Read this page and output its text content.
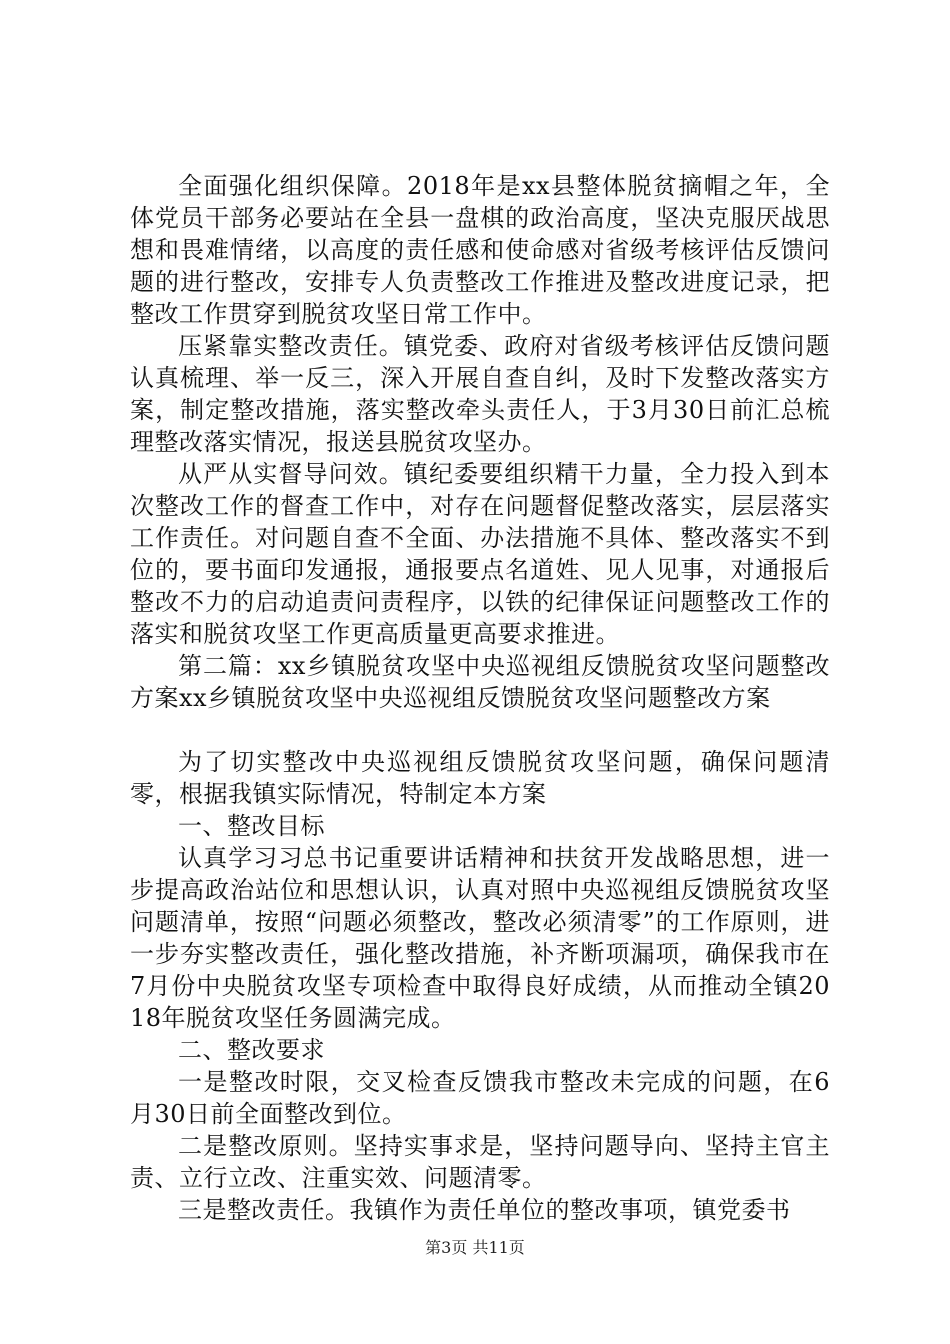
全面强化组织保障。2018年是xx县整体脱贫摘帽之年，全体党员干部务必要站在全县一盘棋的政治高度，坚决克服厌战思想和畏难情绪，以高度的责任感和使命感对省级考核评估反馈问题的进行整改，安排专人负责整改工作推进及整改进度记录，把整改工作贯穿到脱贫攻坚日常工作中。

压紧靠实整改责任。镇党委、政府对省级考核评估反馈问题认真梳理、举一反三，深入开展自查自纠，及时下发整改落实方案，制定整改措施，落实整改牵头责任人，于3月30日前汇总梳理整改落实情况，报送县脱贫攻坚办。

从严从实督导问效。镇纪委要组织精干力量，全力投入到本次整改工作的督查工作中，对存在问题督促整改落实，层层落实工作责任。对问题自查不全面、办法措施不具体、整改落实不到位的，要书面印发通报，通报要点名道姓、见人见事，对通报后整改不力的启动追责问责程序，以铁的纪律保证问题整改工作的落实和脱贫攻坚工作更高质量更高要求推进。

第二篇：xx乡镇脱贫攻坚中央巡视组反馈脱贫攻坚问题整改方案xx乡镇脱贫攻坚中央巡视组反馈脱贫攻坚问题整改方案

为了切实整改中央巡视组反馈脱贫攻坚问题，确保问题清零，根据我镇实际情况，特制定本方案

一、整改目标

认真学习习总书记重要讲话精神和扶贫开发战略思想，进一步提高政治站位和思想认识，认真对照中央巡视组反馈脱贫攻坚问题清单，按照“问题必须整改，整改必须清零”的工作原则，进一步夯实整改责任，强化整改措施，补齐断项漏项，确保我市在7月份中央脱贫攻坚专项检查中取得良好成绩，从而推动全镇2018年脱贫攻坚任务圆满完成。

二、整改要求

一是整改时限，交叉检查反馈我市整改未完成的问题，在6月30日前全面整改到位。

二是整改原则。坚持实事求是，坚持问题导向、坚持主官主责、立行立改、注重实效、问题清零。

三是整改责任。我镇作为责任单位的整改事项，镇党委书

第3页 共11页
